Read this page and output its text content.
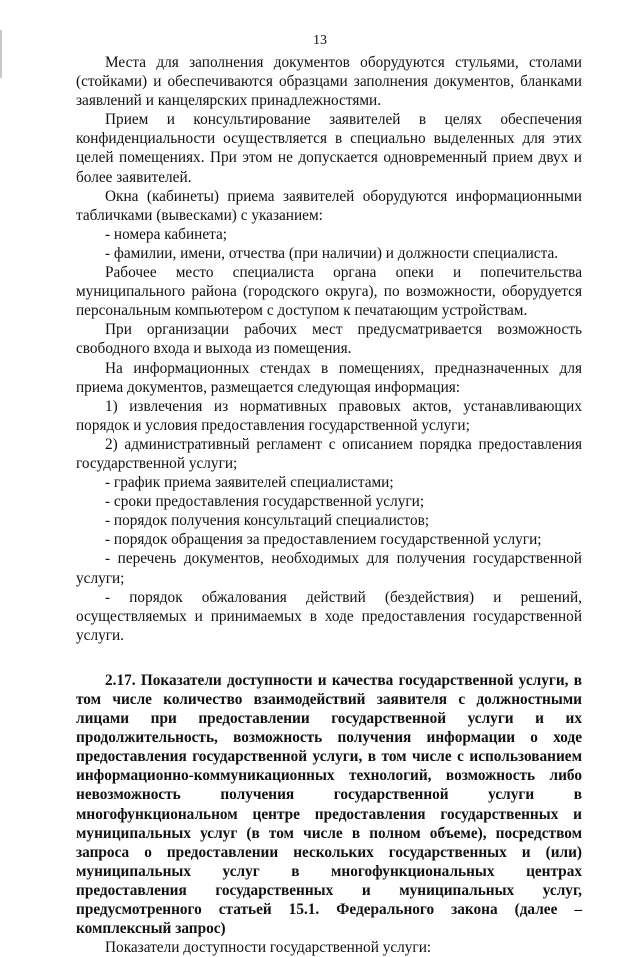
13

Места для заполнения документов оборудуются стульями, столами (стойками) и обеспечиваются образцами заполнения документов, бланками заявлений и канцелярских принадлежностями.

Прием и консультирование заявителей в целях обеспечения конфиденциальности осуществляется в специально выделенных для этих целей помещениях. При этом не допускается одновременный прием двух и более заявителей.

Окна (кабинеты) приема заявителей оборудуются информационными табличками (вывесками) с указанием:

- номера кабинета;

- фамилии, имени, отчества (при наличии) и должности специалиста.

Рабочее место специалиста органа опеки и попечительства муниципального района (городского округа), по возможности, оборудуется персональным компьютером с доступом к печатающим устройствам.

При организации рабочих мест предусматривается возможность свободного входа и выхода из помещения.

На информационных стендах в помещениях, предназначенных для приема документов, размещается следующая информация:

1) извлечения из нормативных правовых актов, устанавливающих порядок и условия предоставления государственной услуги;

2) административный регламент с описанием порядка предоставления государственной услуги;

- график приема заявителей специалистами;

- сроки предоставления государственной услуги;

- порядок получения консультаций специалистов;

- порядок обращения за предоставлением государственной услуги;

- перечень документов, необходимых для получения государственной услуги;

- порядок обжалования действий (бездействия) и решений, осуществляемых и принимаемых в ходе предоставления государственной услуги.

2.17. Показатели доступности и качества государственной услуги, в том числе количество взаимодействий заявителя с должностными лицами при предоставлении государственной услуги и их продолжительность, возможность получения информации о ходе предоставления государственной услуги, в том числе с использованием информационно-коммуникационных технологий, возможность либо невозможность получения государственной услуги в многофункциональном центре предоставления государственных и муниципальных услуг (в том числе в полном объеме), посредством запроса о предоставлении нескольких государственных и (или) муниципальных услуг в многофункциональных центрах предоставления государственных и муниципальных услуг, предусмотренного статьей 15.1. Федерального закона (далее – комплексный запрос)

Показатели доступности государственной услуги:
